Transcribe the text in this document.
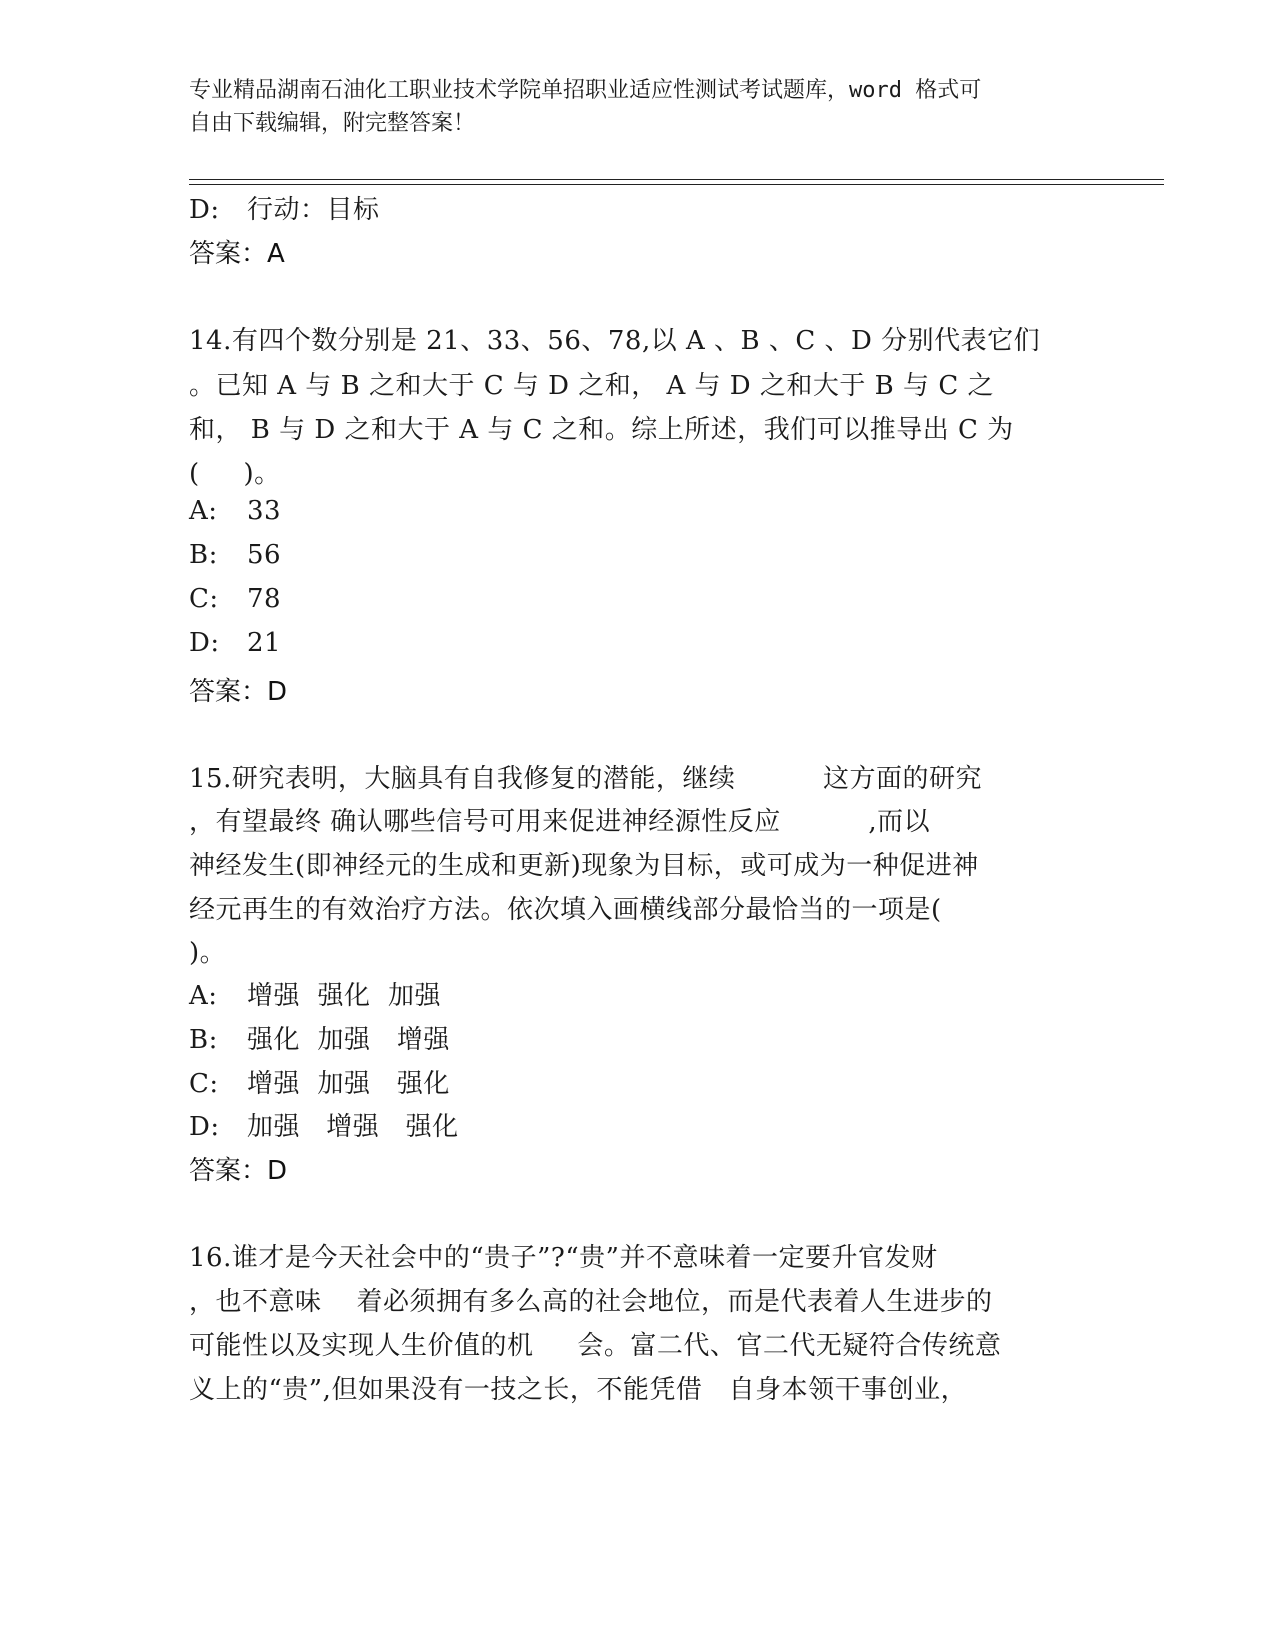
专业精品湖南石油化工职业技术学院单招职业适应性测试考试题库，word 格式可
自由下载编辑，附完整答案！
D: 行动：目标
答案：A
14.有四个数分别是 21、33、56、78,以 A 、B 、C 、D 分别代表它们
。已知 A 与 B 之和大于 C 与 D 之和， A 与 D 之和大于 B 与 C 之
和， B 与 D 之和大于 A 与 C 之和。综上所述，我们可以推导出 C 为
(     )。
A: 33
B: 56
C: 78
D: 21
答案：D
15.研究表明，大脑具有自我修复的潜能，继续          这方面的研究
，有望最终 确认哪些信号可用来促进神经源性反应          ,而以
神经发生(即神经元的生成和更新)现象为目标，或可成为一种促进神
经元再生的有效治疗方法。依次填入画横线部分最恰当的一项是(
)。
A: 增强  强化  加强
B: 强化  加强   增强
C: 增强  加强   强化
D: 加强   增强   强化
答案：D
16.谁才是今天社会中的“贵子”?“贵”并不意味着一定要升官发财
，也不意味    着必须拥有多么高的社会地位，而是代表着人生进步的
可能性以及实现人生价值的机     会。富二代、官二代无疑符合传统意
义上的“贵”,但如果没有一技之长，不能凭借   自身本领干事创业，
